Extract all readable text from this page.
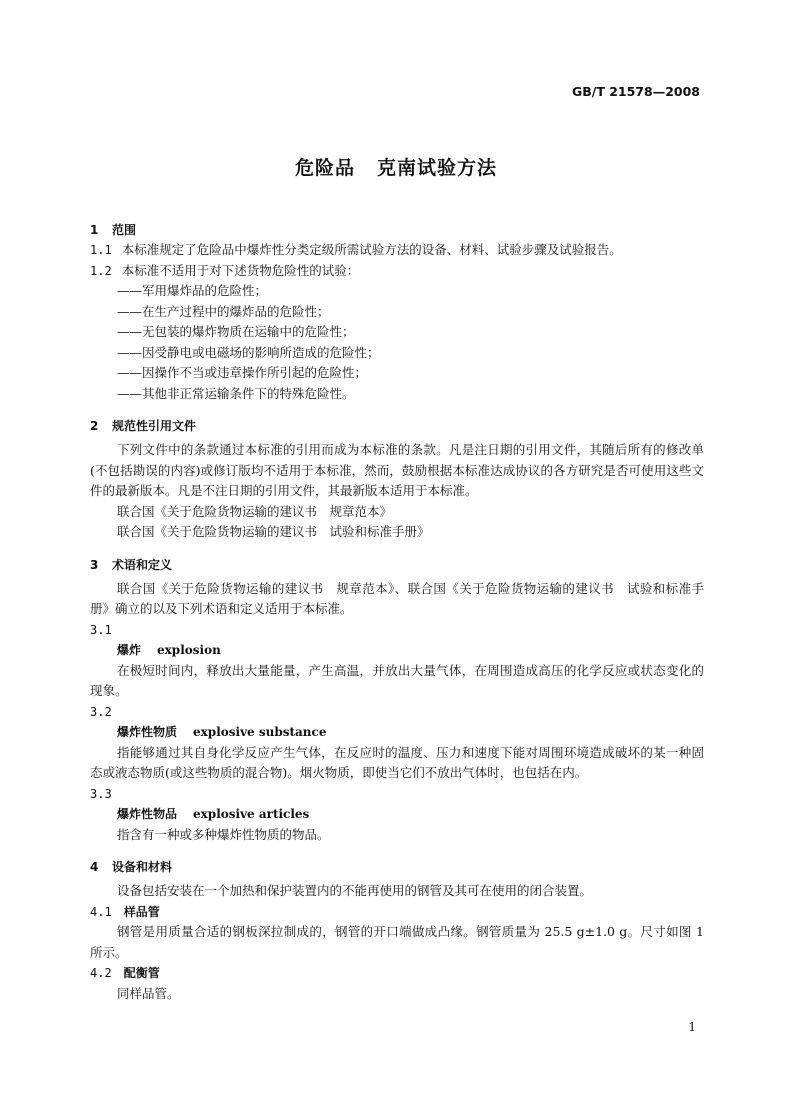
GB/T 21578—2008
危险品 克南试验方法
1 范围
1.1 本标准规定了危险品中爆炸性分类定级所需试验方法的设备、材料、试验步骤及试验报告。
1.2 本标准不适用于对下述货物危险性的试验：
——军用爆炸品的危险性；
——在生产过程中的爆炸品的危险性；
——无包装的爆炸物质在运输中的危险性；
——因受静电或电磁场的影响所造成的危险性；
——因操作不当或违章操作所引起的危险性；
——其他非正常运输条件下的特殊危险性。
2 规范性引用文件
下列文件中的条款通过本标准的引用而成为本标准的条款。凡是注日期的引用文件，其随后所有的修改单(不包括勘误的内容)或修订版均不适用于本标准，然而，鼓励根据本标准达成协议的各方研究是否可使用这些文件的最新版本。凡是不注日期的引用文件，其最新版本适用于本标准。
联合国《关于危险货物运输的建议书　规章范本》
联合国《关于危险货物运输的建议书　试验和标准手册》
3 术语和定义
联合国《关于危险货物运输的建议书　规章范本》、联合国《关于危险货物运输的建议书　试验和标准手册》确立的以及下列术语和定义适用于本标准。
3.1
爆炸 explosion
在极短时间内，释放出大量能量，产生高温，并放出大量气体，在周围造成高压的化学反应或状态变化的现象。
3.2
爆炸性物质 explosive substance
指能够通过其自身化学反应产生气体，在反应时的温度、压力和速度下能对周围环境造成破坏的某一种固态或液态物质(或这些物质的混合物)。烟火物质，即使当它们不放出气体时，也包括在内。
3.3
爆炸性物品 explosive articles
指含有一种或多种爆炸性物质的物品。
4 设备和材料
设备包括安装在一个加热和保护装置内的不能再使用的钢管及其可在使用的闭合装置。
4.1 样品管
钢管是用质量合适的钢板深拉制成的，钢管的开口端做成凸缘。钢管质量为 25.5 g±1.0 g。尺寸如图 1 所示。
4.2 配衡管
同样品管。
1
